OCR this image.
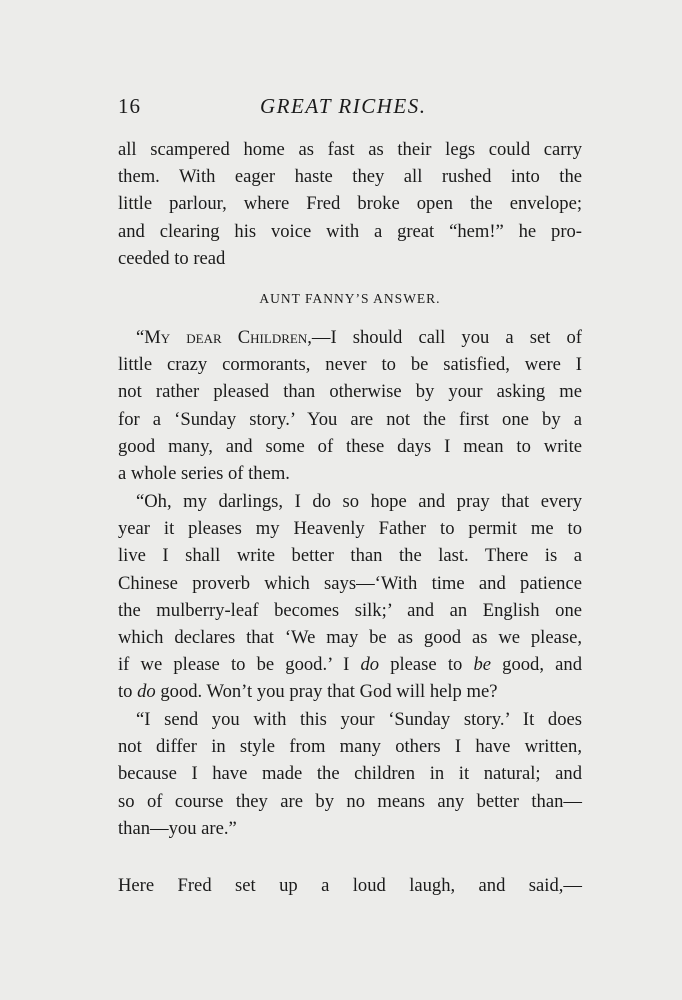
16	GREAT RICHES.
all scampered home as fast as their legs could carry
them. With eager haste they all rushed into the
little parlour, where Fred broke open the envelope;
and clearing his voice with a great “hem!” he pro-
ceeded to read
AUNT FANNY’S ANSWER.
“My dear Children,—I should call you a set of
little crazy cormorants, never to be satisfied, were I
not rather pleased than otherwise by your asking me
for a ‘Sunday story.’ You are not the first one by a
good many, and some of these days I mean to write
a whole series of them.
“Oh, my darlings, I do so hope and pray that every
year it pleases my Heavenly Father to permit me to
live I shall write better than the last. There is a
Chinese proverb which says—‘With time and patience
the mulberry-leaf becomes silk;’ and an English one
which declares that ‘We may be as good as we please,
if we please to be good.’ I do please to be good, and
to do good. Won’t you pray that God will help me?
“I send you with this your ‘Sunday story.’ It does
not differ in style from many others I have written,
because I have made the children in it natural; and
so of course they are by no means any better than—
than—you are.”
Here Fred set up a loud laugh, and said,—
